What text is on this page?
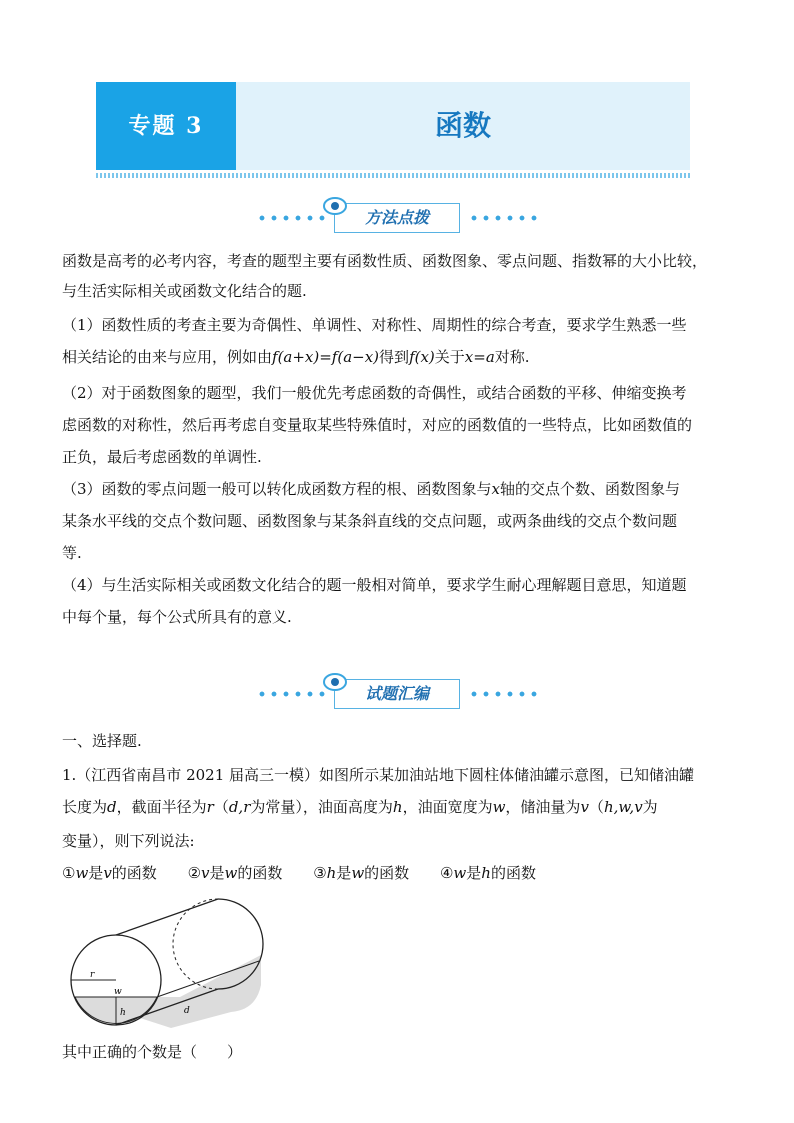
专题 3	函数
方法点拨
函数是高考的必考内容，考查的题型主要有函数性质、函数图象、零点问题、指数幂的大小比较，
与生活实际相关或函数文化结合的题.
（1）函数性质的考查主要为奇偶性、单调性、对称性、周期性的综合考查，要求学生熟悉一些
相关结论的由来与应用，例如由f(a+x)=f(a−x)得到f(x)关于x=a对称.
（2）对于函数图象的题型，我们一般优先考虑函数的奇偶性，或结合函数的平移、伸缩变换考
虑函数的对称性，然后再考虑自变量取某些特殊值时，对应的函数值的一些特点，比如函数值的
正负，最后考虑函数的单调性.
（3）函数的零点问题一般可以转化成函数方程的根、函数图象与x轴的交点个数、函数图象与
某条水平线的交点个数问题、函数图象与某条斜直线的交点问题，或两条曲线的交点个数问题
等.
（4）与生活实际相关或函数文化结合的题一般相对简单，要求学生耐心理解题目意思，知道题
中每个量，每个公式所具有的意义.
试题汇编
一、选择题.
1.（江西省南昌市 2021 届高三一模）如图所示某加油站地下圆柱体储油罐示意图，已知储油罐
长度为d，截面半径为r（d,r为常量），油面高度为h，油面宽度为w，储油量为v（h,w,v为
变量），则下列说法:
①w是v的函数 ②v是w的函数 ③h是w的函数 ④w是h的函数
r
w
h	d
其中正确的个数是（　　）
